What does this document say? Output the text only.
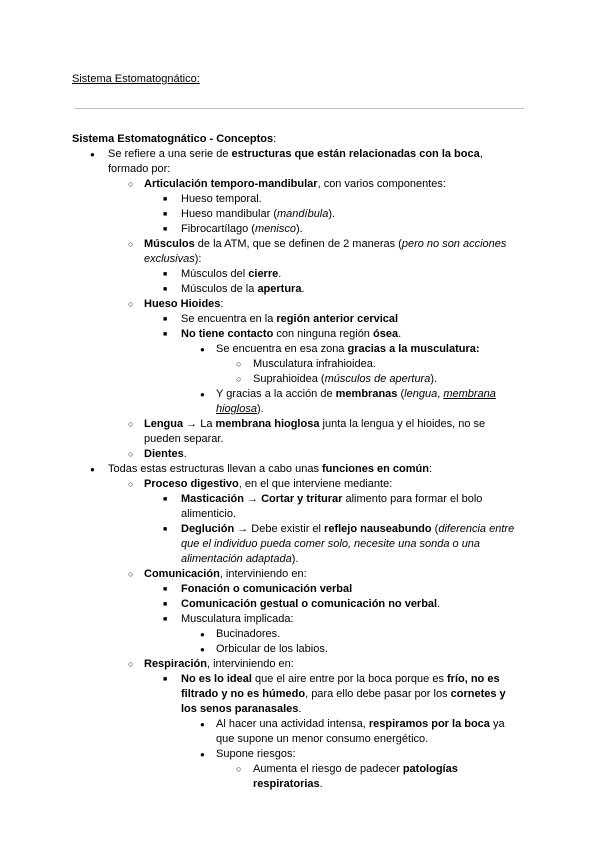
Sistema Estomatognático:
Sistema Estomatognático - Conceptos:
● Se refiere a una serie de estructuras que están relacionadas con la boca,
formado por:
○ Articulación temporo-mandibular, con varios componentes:
■ Hueso temporal.
■ Hueso mandibular (mandíbula).
■ Fibrocartílago (menisco).
○ Músculos de la ATM, que se definen de 2 maneras (pero no son acciones
exclusivas):
■ Músculos del cierre.
■ Músculos de la apertura.
○ Hueso Hioides:
■ Se encuentra en la región anterior cervical
■ No tiene contacto con ninguna región ósea.
● Se encuentra en esa zona gracias a la musculatura:
○ Musculatura infrahioidea.
○ Suprahioidea (músculos de apertura).
● Y gracias a la acción de membranas (lengua, membrana
hioglosa).
○ Lengua → La membrana hioglosa junta la lengua y el hioides, no se
pueden separar.
○ Dientes.
● Todas estas estructuras llevan a cabo unas funciones en común:
○ Proceso digestivo, en el que interviene mediante:
■ Masticación → Cortar y triturar alimento para formar el bolo
alimenticio.
■ Deglución → Debe existir el reflejo nauseabundo (diferencia entre
que el individuo pueda comer solo, necesite una sonda o una
alimentación adaptada).
○ Comunicación, interviniendo en:
■ Fonación o comunicación verbal
■ Comunicación gestual o comunicación no verbal.
■ Musculatura implicada:
● Bucinadores.
● Orbicular de los labios.
○ Respiración, interviniendo en:
■ No es lo ideal que el aire entre por la boca porque es frío, no es
filtrado y no es húmedo, para ello debe pasar por los cornetes y
los senos paranasales.
● Al hacer una actividad intensa, respiramos por la boca ya
que supone un menor consumo energético.
● Supone riesgos:
○ Aumenta el riesgo de padecer patologías
respiratorias.
